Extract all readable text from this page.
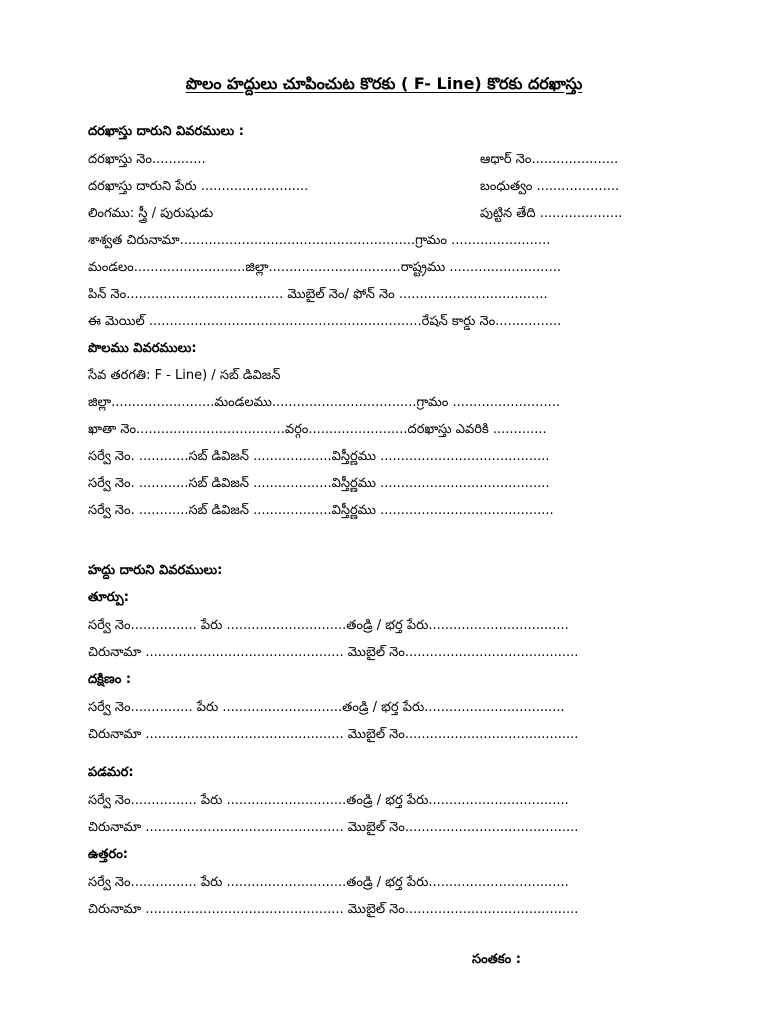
పొలం హద్దులు చూపించుట కొరకు ( F- Line) కొరకు దరఖాస్తు
దరఖాస్తు దారుని వివరములు :
దరఖాస్తు నెం.............	ఆధార్ నెం.....................
దరఖాస్తు దారుని పేరు ..........................	బంధుత్వం ....................
లింగము: స్త్రీ / పురుషుడు	పుట్టిన తేది ....................
శాశ్వత చిరునామా.........................................................గ్రామం ........................
మండలం...........................జిల్లా................................రాష్ట్రము ...........................
పిన్ నెం...................................... మొబైల్ నెం/ ఫోన్ నెం ....................................
ఈ మెయిల్ ..................................................................రేషన్ కార్డు నెం................
పొలము వివరములు:
సేవ తరగతి: F - Line) / సబ్ డివిజన్
జిల్లా.........................మండలము...................................గ్రామం ..........................
ఖాతా నెం....................................వర్గం........................దరఖాస్తు ఎవరికి .............
సర్వే నెం. ............సబ్ డివిజన్ ...................విస్తీర్ణము .........................................
సర్వే నెం. ............సబ్ డివిజన్ ...................విస్తీర్ణము .........................................
సర్వే నెం. ............సబ్ డివిజన్ ...................విస్తీర్ణము ..........................................
హద్దు దారుని వివరములు:
తూర్పు:
సర్వే నెం................ పేరు .............................తండ్రి / భర్త పేరు..................................
చిరునామా ................................................ మొబైల్ నెం..........................................
దక్షిణం :
సర్వే నెం............... పేరు .............................తండ్రి / భర్త పేరు..................................
చిరునామా ................................................ మొబైల్ నెం..........................................
పడమర:
సర్వే నెం................ పేరు .............................తండ్రి / భర్త పేరు..................................
చిరునామా ................................................ మొబైల్ నెం..........................................
ఉత్తరం:
సర్వే నెం................ పేరు .............................తండ్రి / భర్త పేరు..................................
చిరునామా ................................................ మొబైల్ నెం..........................................
సంతకం :
